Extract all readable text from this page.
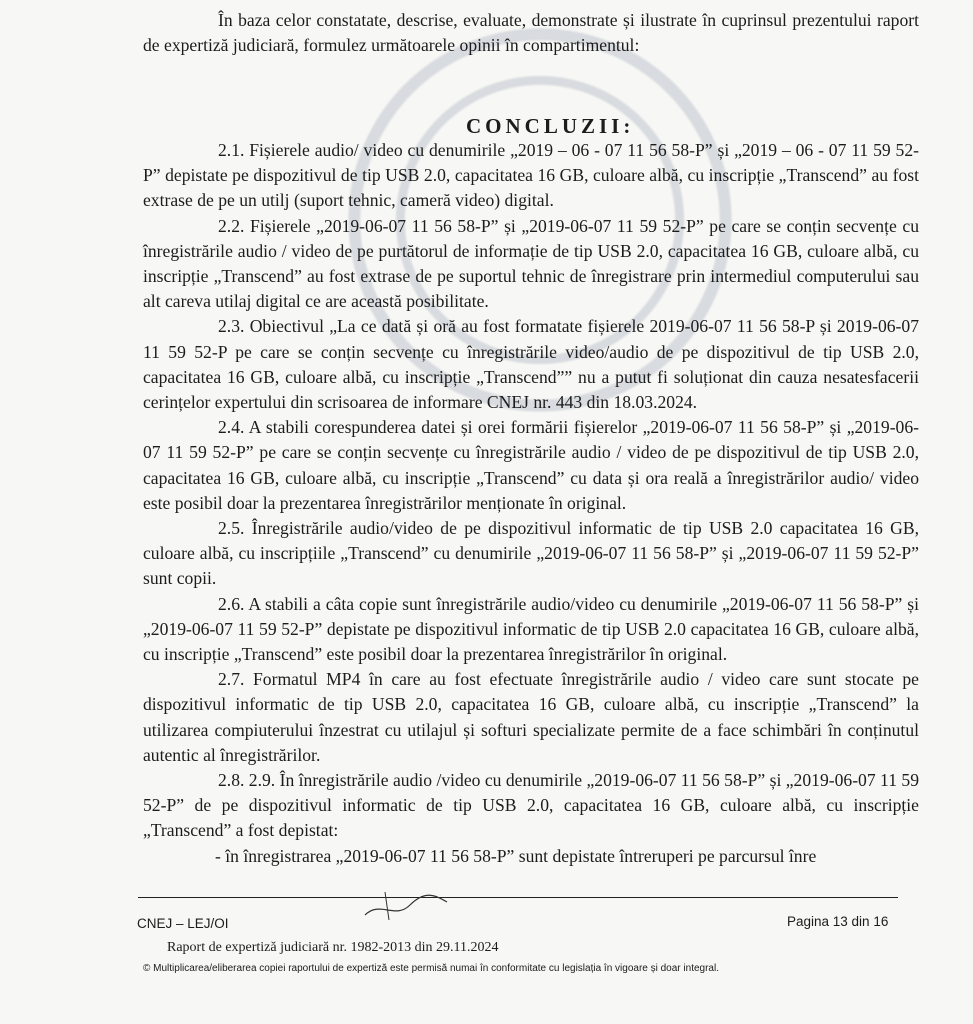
În baza celor constatate, descrise, evaluate, demonstrate și ilustrate în cuprinsul prezentului raport de expertiză judiciară, formulez următoarele opinii în compartimentul:

CONCLUZII:

2.1. Fișierele audio/ video cu denumirile „2019 – 06 - 07 11 56 58-P” și „2019 – 06 - 07 11 59 52-P” depistate pe dispozitivul de tip USB 2.0, capacitatea 16 GB, culoare albă, cu inscripție „Transcend” au fost extrase de pe un utilj (suport tehnic, cameră video) digital.

2.2. Fișierele „2019-06-07 11 56 58-P” și „2019-06-07 11 59 52-P” pe care se conțin secvențe cu înregistrările audio / video de pe purtătorul de informație de tip USB 2.0, capacitatea 16 GB, culoare albă, cu inscripție „Transcend” au fost extrase de pe suportul tehnic de înregistrare prin intermediul computerului sau alt careva utilaj digital ce are această posibilitate.

2.3. Obiectivul „La ce dată și oră au fost formatate fișierele 2019-06-07 11 56 58-P și 2019-06-07 11 59 52-P pe care se conțin secvențe cu înregistrările video/audio de pe dispozitivul de tip USB 2.0, capacitatea 16 GB, culoare albă, cu inscripție „Transcend”” nu a putut fi soluționat din cauza nesatesfacerii cerințelor expertului din scrisoarea de informare CNEJ nr. 443 din 18.03.2024.

2.4. A stabili corespunderea datei și orei formării fișierelor „2019-06-07 11 56 58-P” și „2019-06-07 11 59 52-P” pe care se conțin secvențe cu înregistrările audio / video de pe dispozitivul de tip USB 2.0, capacitatea 16 GB, culoare albă, cu inscripție „Transcend” cu data și ora reală a înregistrărilor audio/ video este posibil doar la prezentarea înregistrărilor menționate în original.

2.5. Înregistrările audio/video de pe dispozitivul informatic de tip USB 2.0 capacitatea 16 GB, culoare albă, cu inscripțiile „Transcend” cu denumirile „2019-06-07 11 56 58-P” și „2019-06-07 11 59 52-P” sunt copii.

2.6. A stabili a câta copie sunt înregistrările audio/video cu denumirile „2019-06-07 11 56 58-P” și „2019-06-07 11 59 52-P” depistate pe dispozitivul informatic de tip USB 2.0 capacitatea 16 GB, culoare albă, cu inscripție „Transcend” este posibil doar la prezentarea înregistrărilor în original.

2.7. Formatul MP4 în care au fost efectuate înregistrările audio / video care sunt stocate pe dispozitivul informatic de tip USB 2.0, capacitatea 16 GB, culoare albă, cu inscripție „Transcend” la utilizarea compiuterului înzestrat cu utilajul și softuri specializate permite de a face schimbări în conținutul autentic al înregistrărilor.

2.8. 2.9. În înregistrările audio /video cu denumirile „2019-06-07 11 56 58-P” și „2019-06-07 11 59 52-P” de pe dispozitivul informatic de tip USB 2.0, capacitatea 16 GB, culoare albă, cu inscripție „Transcend” a fost depistat:

- în înregistrarea „2019-06-07 11 56 58-P” sunt depistate întreruperi pe parcursul înre

CNEJ – LEJ/OI
Raport de expertiză judiciară nr. 1982-2013 din 29.11.2024
Pagina 13 din 16
© Multiplicarea/eliberarea copiei raportului de expertiză este permisă numai în conformitate cu legislația în vigoare și doar integral.
